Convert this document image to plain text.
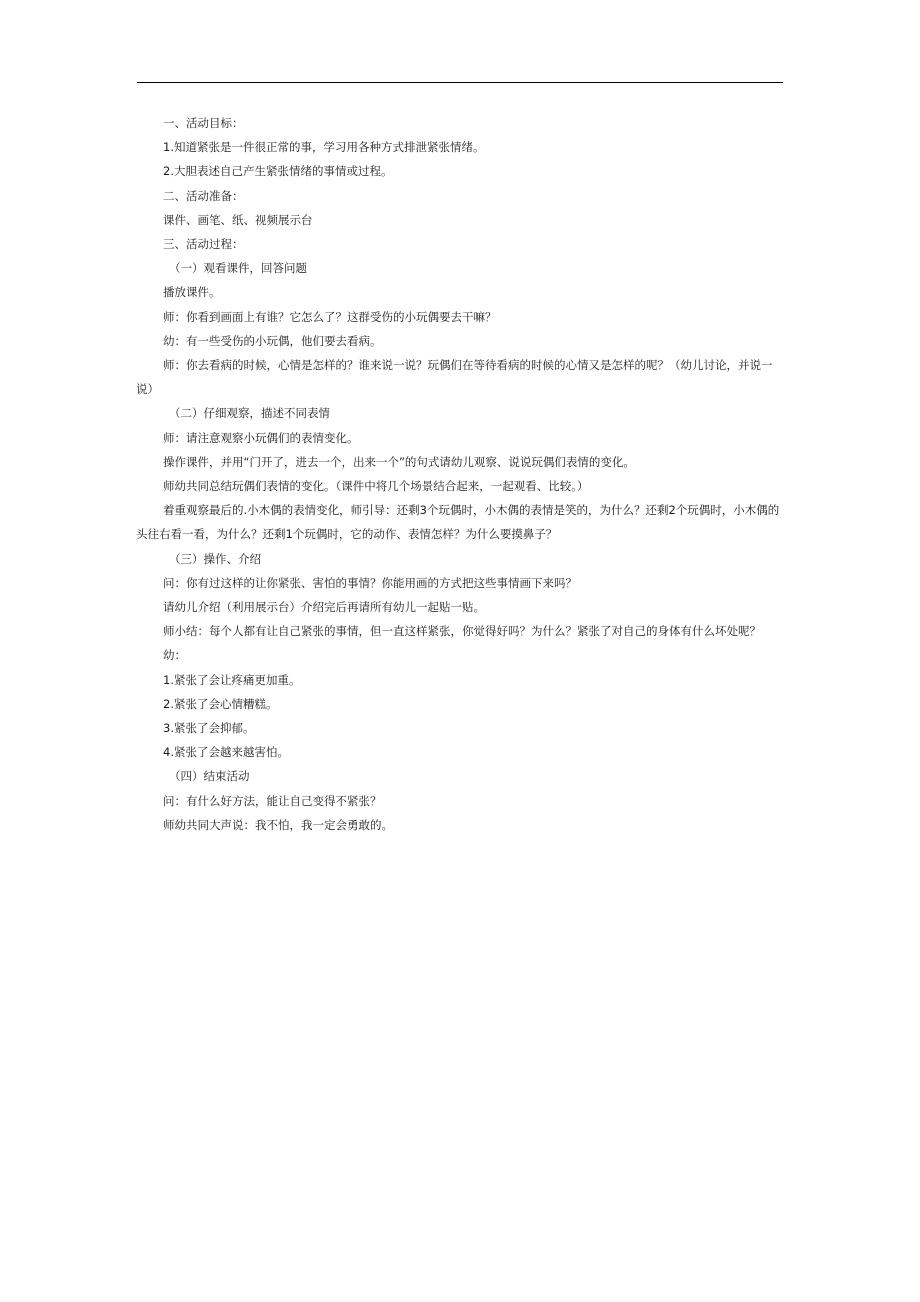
一、活动目标：

1.知道紧张是一件很正常的事，学习用各种方式排泄紧张情绪。

2.大胆表述自己产生紧张情绪的事情或过程。

二、活动准备：

课件、画笔、纸、视频展示台

三、活动过程：

（一）观看课件，回答问题

播放课件。

师：你看到画面上有谁？它怎么了？这群受伤的小玩偶要去干嘛？

幼：有一些受伤的小玩偶，他们要去看病。

师：你去看病的时候，心情是怎样的？谁来说一说？玩偶们在等待看病的时候的心情又是怎样的呢？（幼儿讨论，并说一说）

（二）仔细观察，描述不同表情

师：请注意观察小玩偶们的表情变化。

操作课件，并用“门开了，进去一个，出来一个”的句式请幼儿观察、说说玩偶们表情的变化。

师幼共同总结玩偶们表情的变化。（课件中将几个场景结合起来，一起观看、比较。）

着重观察最后的.小木偶的表情变化，师引导：还剩3个玩偶时，小木偶的表情是笑的，为什么？还剩2个玩偶时，小木偶的头往右看一看，为什么？还剩1个玩偶时，它的动作、表情怎样？为什么要摸鼻子？

（三）操作、介绍

问：你有过这样的让你紧张、害怕的事情？你能用画的方式把这些事情画下来吗？

请幼儿介绍（利用展示台）介绍完后再请所有幼儿一起贴一贴。

师小结：每个人都有让自己紧张的事情，但一直这样紧张，你觉得好吗？为什么？紧张了对自己的身体有什么坏处呢？

幼：

1.紧张了会让疼痛更加重。

2.紧张了会心情糟糕。

3.紧张了会抑郁。

4.紧张了会越来越害怕。

（四）结束活动

问：有什么好方法，能让自己变得不紧张？

师幼共同大声说：我不怕，我一定会勇敢的。
